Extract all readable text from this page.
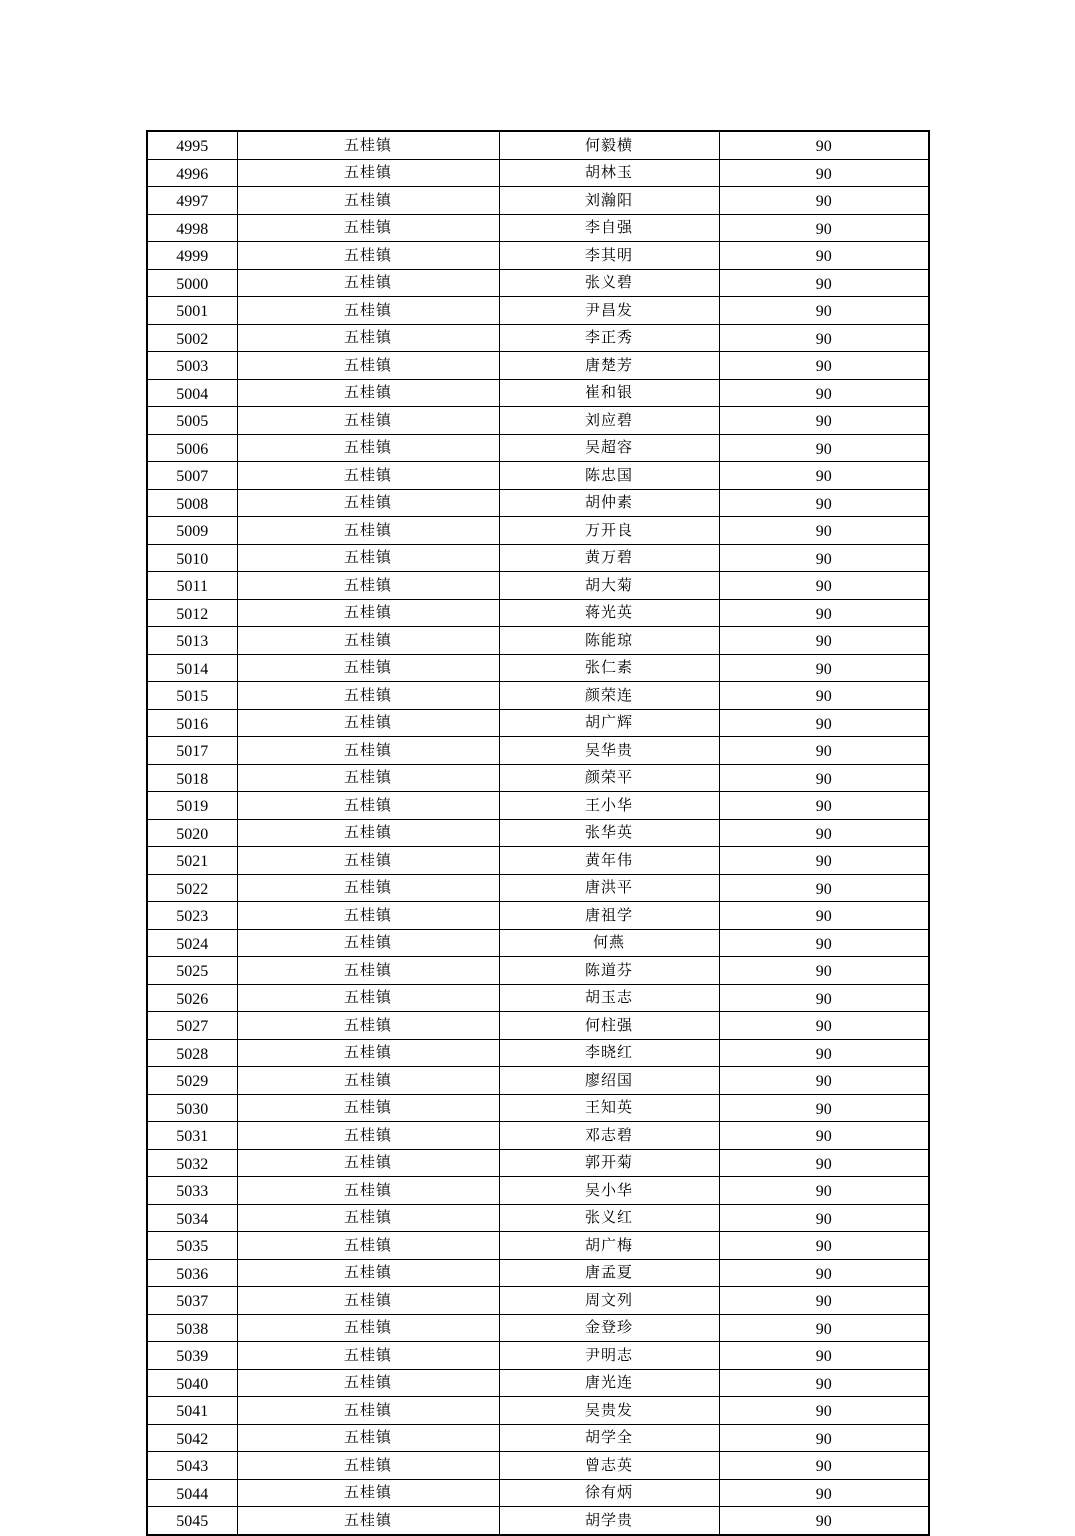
4995	五桂镇	何毅横	90
4996	五桂镇	胡林玉	90
4997	五桂镇	刘瀚阳	90
4998	五桂镇	李自强	90
4999	五桂镇	李其明	90
5000	五桂镇	张义碧	90
5001	五桂镇	尹昌发	90
5002	五桂镇	李正秀	90
5003	五桂镇	唐楚芳	90
5004	五桂镇	崔和银	90
5005	五桂镇	刘应碧	90
5006	五桂镇	吴超容	90
5007	五桂镇	陈忠国	90
5008	五桂镇	胡仲素	90
5009	五桂镇	万开良	90
5010	五桂镇	黄万碧	90
5011	五桂镇	胡大菊	90
5012	五桂镇	蒋光英	90
5013	五桂镇	陈能琼	90
5014	五桂镇	张仁素	90
5015	五桂镇	颜荣连	90
5016	五桂镇	胡广辉	90
5017	五桂镇	吴华贵	90
5018	五桂镇	颜荣平	90
5019	五桂镇	王小华	90
5020	五桂镇	张华英	90
5021	五桂镇	黄年伟	90
5022	五桂镇	唐洪平	90
5023	五桂镇	唐祖学	90
5024	五桂镇	何燕	90
5025	五桂镇	陈道芬	90
5026	五桂镇	胡玉志	90
5027	五桂镇	何柱强	90
5028	五桂镇	李晓红	90
5029	五桂镇	廖绍国	90
5030	五桂镇	王知英	90
5031	五桂镇	邓志碧	90
5032	五桂镇	郭开菊	90
5033	五桂镇	吴小华	90
5034	五桂镇	张义红	90
5035	五桂镇	胡广梅	90
5036	五桂镇	唐孟夏	90
5037	五桂镇	周文列	90
5038	五桂镇	金登珍	90
5039	五桂镇	尹明志	90
5040	五桂镇	唐光连	90
5041	五桂镇	吴贵发	90
5042	五桂镇	胡学全	90
5043	五桂镇	曾志英	90
5044	五桂镇	徐有炳	90
5045	五桂镇	胡学贵	90
